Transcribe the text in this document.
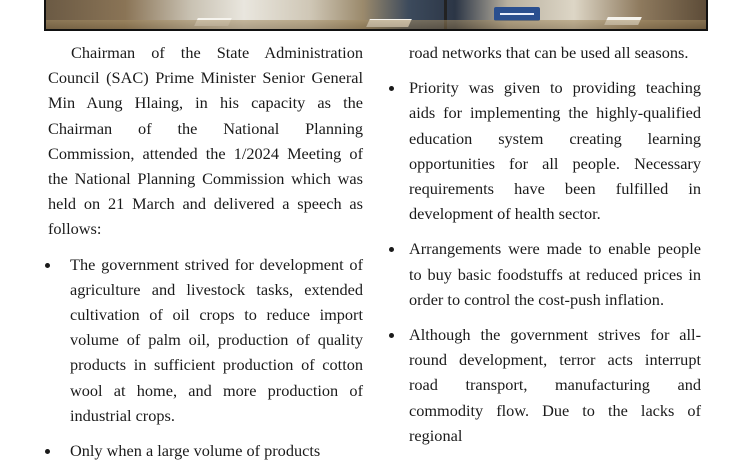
Chairman of the State Administration Council (SAC) Prime Minister Senior General Min Aung Hlaing, in his capacity as the Chairman of the National Planning Commission, attended the 1/2024 Meeting of the National Planning Commission which was held on 21 March and delivered a speech as follows:

The government strived for development of agriculture and livestock tasks, extended cultivation of oil crops to reduce import volume of palm oil, production of quality products in sufficient production of cotton wool at home, and more production of industrial crops.
Only when a large volume of products

road networks that can be used all seasons.

Priority was given to providing teaching aids for implementing the highly-qualified education system creating learning opportunities for all people. Necessary requirements have been fulfilled in development of health sector.
Arrangements were made to enable people to buy basic foodstuffs at reduced prices in order to control the cost-push inflation.
Although the government strives for all-round development, terror acts interrupt road transport, manufacturing and commodity flow. Due to the lacks of regional
